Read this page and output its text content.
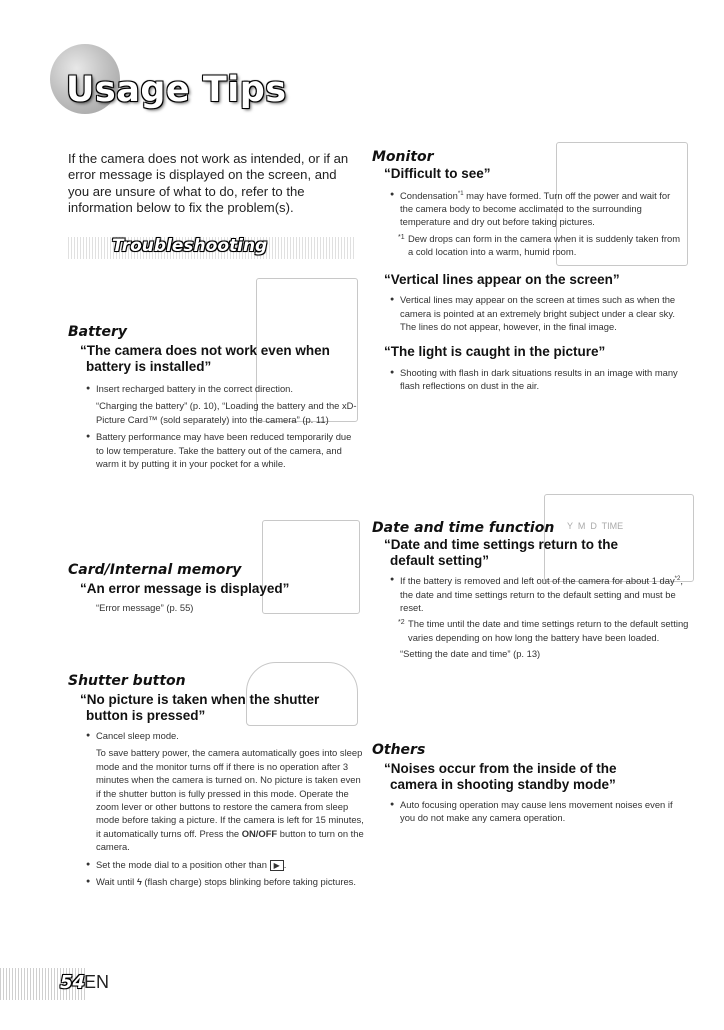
Usage Tips

If the camera does not work as intended, or if an error message is displayed on the screen, and you are unsure of what to do, refer to the information below to fix the problem(s).

Troubleshooting
Y  M  D  TIME
Battery

“The camera does not work even when

battery is installed”

● Insert recharged battery in the correct direction.
“Charging the battery” (p. 10), “Loading the battery and the xD-Picture Card™ (sold separately) into the camera” (p. 11)
● Battery performance may have been reduced temporarily due to low temperature. Take the battery out of the camera, and warm it by putting it in your pocket for a while.
Card/Internal memory

“An error message is displayed”

“Error message” (p. 55)
Shutter button

“No picture is taken when the shutter

button is pressed”

● Cancel sleep mode.
To save battery power, the camera automatically goes into sleep mode and the monitor turns off if there is no operation after 3 minutes when the camera is turned on. No picture is taken even if the shutter button is fully pressed in this mode. Operate the zoom lever or other buttons to restore the camera from sleep mode before taking a picture. If the camera is left for 15 minutes, it automatically turns off. Press the ON/OFF button to turn on the camera.
● Set the mode dial to a position other than ▶ .
● Wait until ϟ (flash charge) stops blinking before taking pictures.
Monitor

“Difficult to see”

● Condensation$^{*1}$ may have formed. Turn off the power and wait for the camera body to become acclimated to the surrounding temperature and dry out before taking pictures.
*1 Dew drops can form in the camera when it is suddenly taken from a cold location into a warm, humid room.

“Vertical lines appear on the screen”

● Vertical lines may appear on the screen at times such as when the camera is pointed at an extremely bright subject under a clear sky. The lines do not appear, however, in the final image.

“The light is caught in the picture”

● Shooting with flash in dark situations results in an image with many flash reflections on dust in the air.
Date and time function

“Date and time settings return to the

default setting”

● If the battery is removed and left out of the camera for about 1 day$^{*2}$, the date and time settings return to the default setting and must be reset.
*2 The time until the date and time settings return to the default setting varies depending on how long the battery have been loaded.
“Setting the date and time” (p. 13)
Others

“Noises occur from the inside of the

camera in shooting standby mode”

● Auto focusing operation may cause lens movement noises even if you do not make any camera operation.
54
EN
